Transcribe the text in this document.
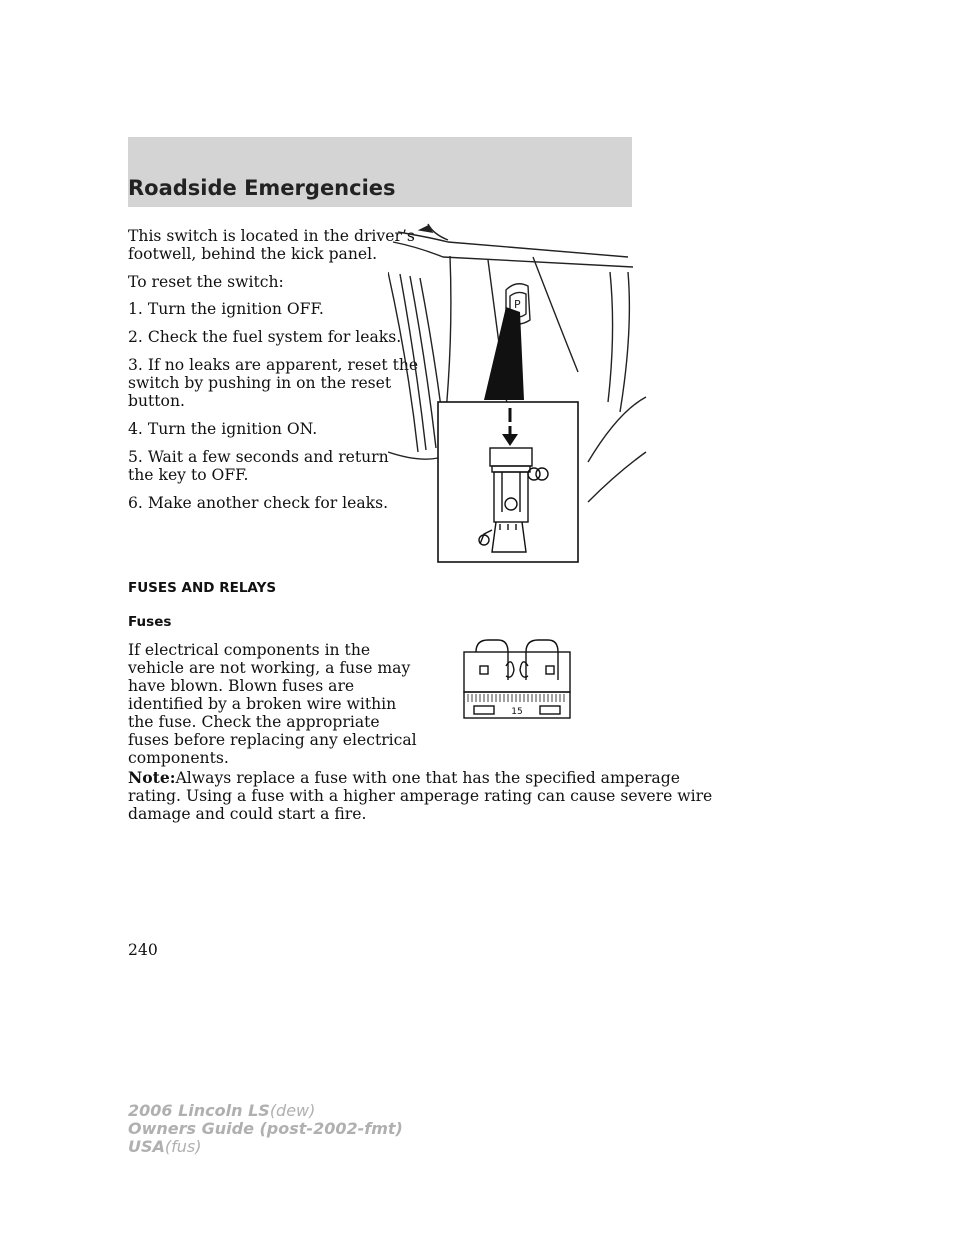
Roadside Emergencies

This switch is located in the driver’s

footwell, behind the kick panel.

To reset the switch:

1. Turn the ignition OFF.

2. Check the fuel system for leaks.

3. If no leaks are apparent, reset the

switch by pushing in on the reset

button.

4. Turn the ignition ON.

5. Wait a few seconds and return

the key to OFF.

6. Make another check for leaks.

P
FUSES AND RELAYS
Fuses

If electrical components in the

vehicle are not working, a fuse may

have blown. Blown fuses are

identified by a broken wire within

the fuse. Check the appropriate

fuses before replacing any electrical

components.

15

Note:Always replace a fuse with one that has the specified amperage

rating. Using a fuse with a higher amperage rating can cause severe wire

damage and could start a fire.

240
2006 Lincoln LS(dew)
Owners Guide (post-2002-fmt)
USA(fus)
